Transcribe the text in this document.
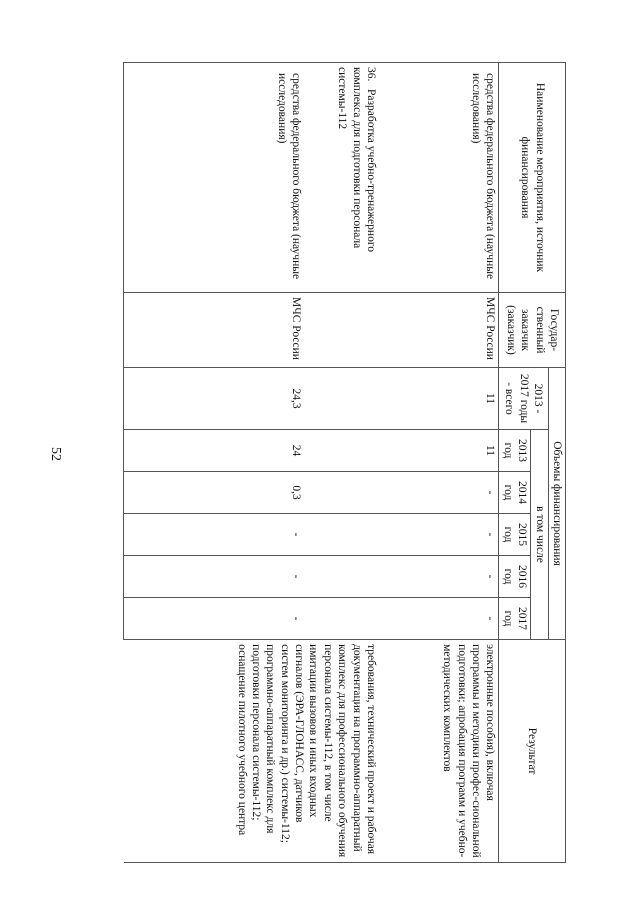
52
Наименование мероприятия, источник финансирования	Государ-ственный заказчик (заказчик)	Объемы финансирования						Результат
		2013 - 2017 годы - всего	в том числе					
			2013 год	2014 год	2015 год	2016 год	2017 год	
средства федерального бюджета (научные исследования)	МЧС России	11	11	-	-	-	-	электронные пособия), включая программы и методики профес-сиональной подготовки; апробация программ и учебно-методических комплектов
36.Разработка учебно-тренажерного комплекса для подготовки персонала системы-112								требования, технический проект и рабочая документация на программно-аппаратный комплекс для профессионального обучения персонала системы-112, в том числе имитации вызовов и иных входных сигналов (ЭРА-ГЛОНАСС, датчиков систем мониторинга и др.) системы-112; программно-аппаратный комплекс для подготовки персонала системы-112; оснащение пилотного учебного центра
средства федерального бюджета (научные исследования)	МЧС России	24,3	24	0,3	-	-	-	
